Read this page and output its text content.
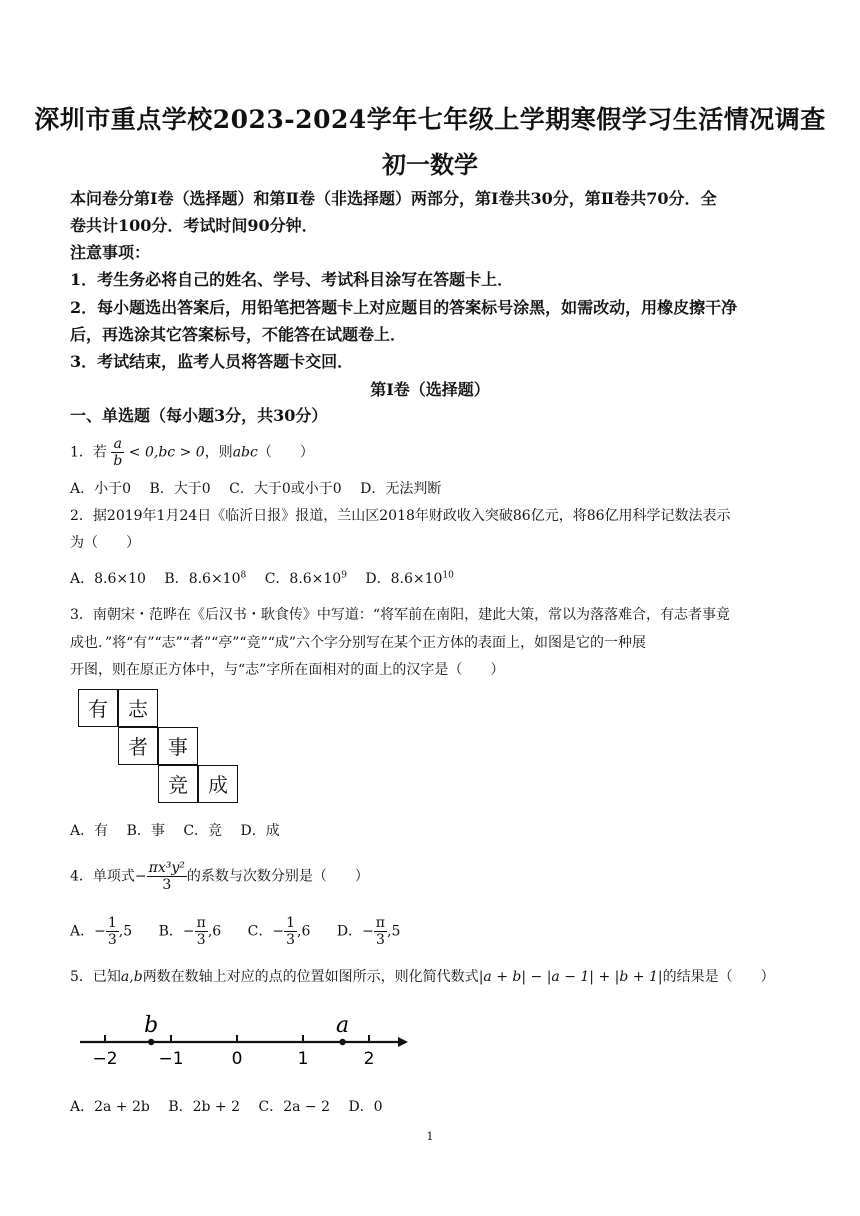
深圳市重点学校2023-2024学年七年级上学期寒假学习生活情况调查
初一数学
本问卷分第Ⅰ卷（选择题）和第Ⅱ卷（非选择题）两部分，第Ⅰ卷共30分，第Ⅱ卷共70分．全
卷共计100分．考试时间90分钟．
注意事项：
1．考生务必将自己的姓名、学号、考试科目涂写在答题卡上．
2．每小题选出答案后，用铅笔把答题卡上对应题目的答案标号涂黑，如需改动，用橡皮擦干净
后，再选涂其它答案标号，不能答在试题卷上．
3．考试结束，监考人员将答题卡交回．
第Ⅰ卷（选择题）
一、单选题（每小题3分，共30分）
1．若 $\frac{a}{b} < 0,bc > 0$，则abc（　　）
A．小于0 B．大于0 C．大于0或小于0 D．无法判断
2．据2019年1月24日《临沂日报》报道，兰山区2018年财政收入突破86亿元，将86亿用科学记数法表示
为（　　）
A．8.6×10 B．$8.6\times 10^8$ C．$8.6\times 10^9$ D．$8.6\times 10^{10}$
3．南朝宋・范晔在《后汉书・耿食传》中写道：“将军前在南阳，建此大策，常以为落落难合，有志者事竟
成也．”将“有”“志”“者”“亭”“竞”“成”六个字分别写在某个正方体的表面上，如图是它的一种展
开图，则在原正方体中，与“志”字所在面相对的面上的汉字是（　　）
有	志
者	事
竞	成
A．有 B．事 C．竞 D．成
4．单项式− $\frac{\text{πx³y²}}{3}$ 的系数与次数分别是（　　）
A．− $\frac{1}{3} ,5$ B．− $\frac{\pi}{3} ,6$ C．− $\frac{1}{3} ,6$ D．− $\frac{\pi}{3} ,5$
5．已知a,b两数在数轴上对应的点的位置如图所示，则化简代数式|a + b| − |a − 1| + |b + 1|的结果是（　　）
−2 −1	0	1	2
b	a
A．2a + 2b B．2b + 2 C．2a − 2 D．0
1
